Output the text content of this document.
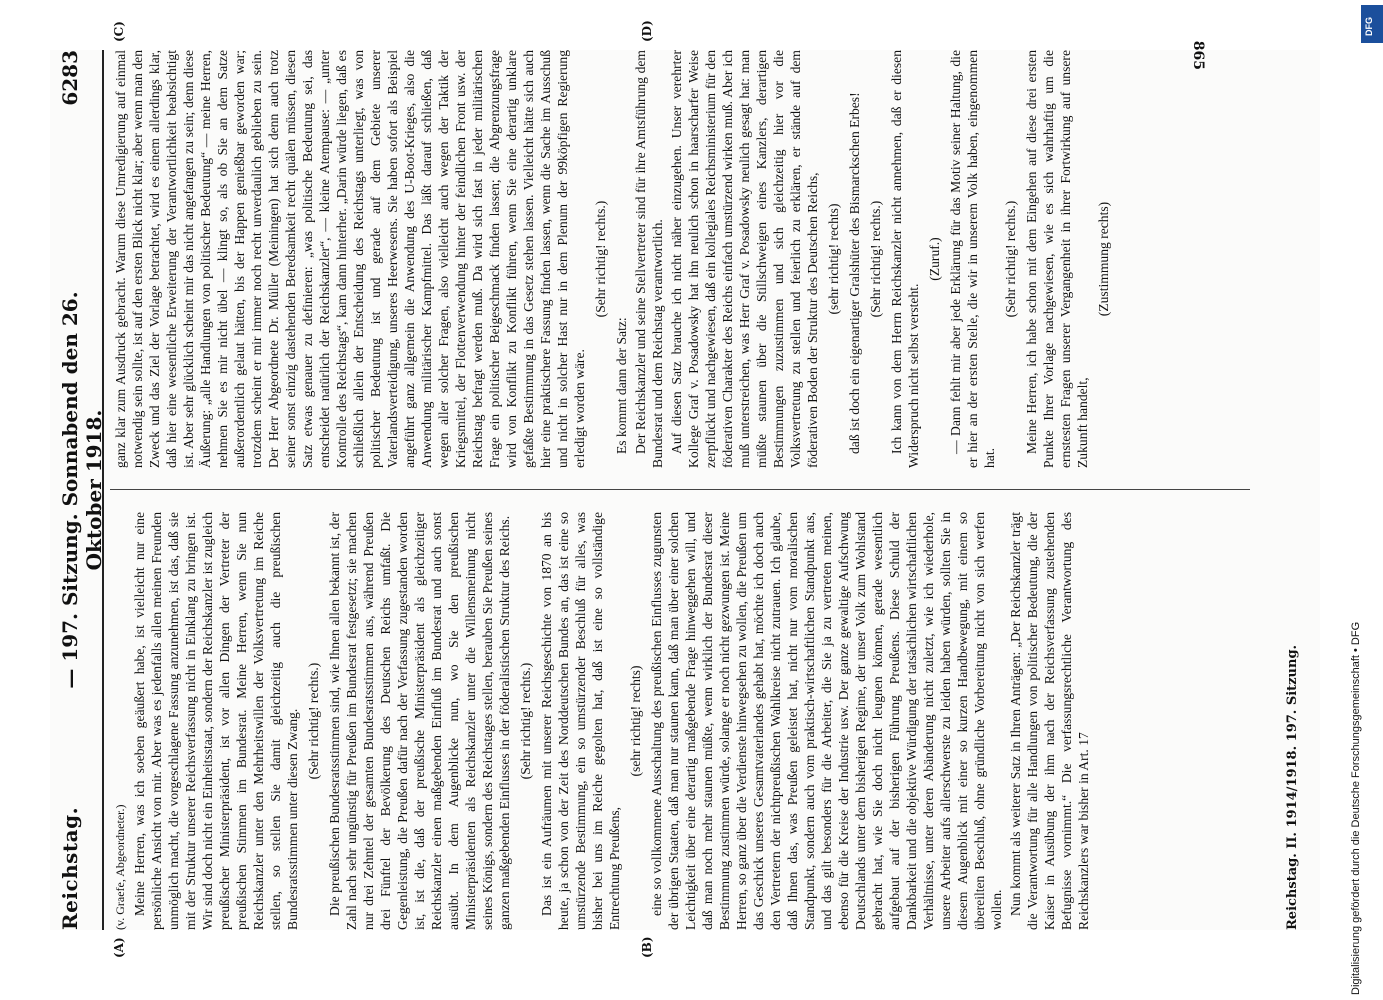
Reichstag.
— 197. Sitzung. Sonnabend den 26. Oktober 1918.
6283
(A)	(B)
(C)	(D)

(v. Graefe, Abgeordneter.) Meine Herren, was ich soeben geäußert habe, ist vielleicht nur eine persönliche Ansicht von mir. Aber was es jedenfalls allen meinen Freunden unmöglich macht, die vorgeschlagene Fassung anzunehmen, ist das, daß sie mit der Struktur unserer Reichsverfassung nicht in Einklang zu bringen ist. Wir sind doch nicht ein Einheitsstaat, sondern der Reichskanzler ist zugleich preußischer Ministerpräsident, ist vor allen Dingen der Vertreter der preußischen Stimmen im Bundesrat. Meine Herren, wenn Sie nun Reichskanzler unter den Mehrheitswillen der Volksvertretung im Reiche stellen, so stellen Sie damit gleichzeitig auch die preußischen Bundesratsstimmen unter diesen Zwang. (Sehr richtig! rechts.) Die preußischen Bundesratsstimmen sind, wie Ihnen allen bekannt ist, der Zahl nach sehr ungünstig für Preußen im Bundesrat festgesetzt; sie machen nur drei Zehntel der gesamten Bundesratsstimmen aus, während Preußen drei Fünftel der Bevölkerung des Deutschen Reichs umfaßt. Die Gegenleistung, die Preußen dafür nach der Verfassung zugestanden worden ist, ist die, daß der preußische Ministerpräsident als gleichzeitiger Reichskanzler einen maßgebenden Einfluß im Bundesrat und auch sonst ausübt. In dem Augenblicke nun, wo Sie den preußischen Ministerpräsidenten als Reichskanzler unter die Willensmeinung nicht seines Königs, sondern des Reichstages stellen, berauben Sie Preußen seines ganzen maßgebenden Einflusses in der föderalistischen Struktur des Reichs. (Sehr richtig! rechts.) Das ist ein Aufräumen mit unserer Reichsgeschichte von 1870 an bis heute, ja schon von der Zeit des Norddeutschen Bundes an, das ist eine so umstürzende Bestimmung, ein so umstürzender Beschluß für alles, was bisher bei uns im Reiche gegolten hat, daß ist eine so vollständige Entrechtung Preußens,

(sehr richtig! rechts) eine so vollkommene Ausschaltung des preußischen Einflusses zugunsten der übrigen Staaten, daß man nur staunen kann, daß man über einer solchen Leichtigkeit über eine derartig maßgebende Frage hinweggehen will, und daß man noch mehr staunen müßte, wenn wirklich der Bundesrat dieser Bestimmung zustimmen würde, solange er noch nicht gezwungen ist. Meine Herren, so ganz über die Verdienste hinwegsehen zu wollen, die Preußen um das Geschick unseres Gesamtvaterlandes gehabt hat, möchte ich doch auch den Vertretern der nichtpreußischen Wahlkreise nicht zutrauen. Ich glaube, daß Ihnen das, was Preußen geleistet hat, nicht nur vom moralischen Standpunkt, sondern auch vom praktisch-wirtschaftlichen Standpunkt aus, und das gilt besonders für die Arbeiter, die Sie ja zu vertreten meinen, ebenso für die Kreise der Industrie usw. Der ganze gewaltige Aufschwung Deutschlands unter dem bisherigen Regime, der unser Volk zum Wohlstand gebracht hat, wie Sie doch nicht leugnen können, gerade wesentlich aufgebaut auf der bisherigen Führung Preußens. Diese Schuld der Dankbarkeit und die objektive Würdigung der tatsächlichen wirtschaftlichen Verhältnisse, unter deren Abänderung nicht zuletzt, wie ich wiederhole, unsere Arbeiter aufs allerschwerste zu leiden haben würden, sollten Sie in diesem Augenblick mit einer so kurzen Handbewegung, mit einem so übereilten Beschluß, ohne gründliche Vorbereitung nicht von sich werfen wollen. Nun kommt als weiterer Satz in Ihren Anträgen: „Der Reichskanzler trägt die Verantwortung für alle Handlungen von politischer Bedeutung, die der Kaiser in Ausübung der ihm nach der Reichsverfassung zustehenden Befugnisse vornimmt.“ Die verfassungsrechtliche Verantwortung des Reichskanzlers war bisher in Art. 17

ganz klar zum Ausdruck gebracht. Warum diese Umredigierung auf einmal notwendig sein sollte, ist auf den ersten Blick nicht klar; aber wenn man den Zweck und das Ziel der Vorlage betrachtet, wird es einem allerdings klar, daß hier eine wesentliche Erweiterung der Verantwortlichkeit beabsichtigt ist. Aber sehr glücklich scheint mir das nicht angefangen zu sein; denn diese Äußerung: „alle Handlungen von politischer Bedeutung“ — meine Herren, nehmen Sie es mir nicht übel — klingt so, als ob Sie an dem Satze außerordentlich gelaut hätten, bis der Happen genießbar geworden war; trotzdem scheint er mir immer noch recht unverdaulich geblieben zu sein. Der Herr Abgeordnete Dr. Müller (Meiningen) hat sich denn auch trotz seiner sonst einzig dastehenden Beredsamkeit recht quälen müssen, diesen Satz etwas genauer zu definieren: „was politische Bedeutung sei, das entscheidet natürlich der Reichskanzler“, — kleine Atempause: — „unter Kontrolle des Reichstags“, kam dann hinterher. „Darin würde liegen, daß es schließlich allein der Entscheidung des Reichstags unterliegt, was von politischer Bedeutung ist und gerade auf dem Gebiete unserer Vaterlandsverteidigung, unseres Heerwesens. Sie haben sofort als Beispiel angeführt ganz allgemein die Anwendung des U-Boot-Krieges, also die Anwendung militärischer Kampfmittel. Das läßt darauf schließen, daß wegen aller solcher Fragen, also vielleicht auch wegen der Taktik der Kriegsmittel, der Flottenverwendung hinter der feindlichen Front usw. der Reichstag befragt werden muß. Da wird sich fast in jeder militärischen Frage ein politischer Beigeschmack finden lassen; die Abgrenzungsfrage wird von Konflikt zu Konflikt führen, wenn Sie eine derartig unklare gefaßte Bestimmung in das Gesetz stehen lassen. Vielleicht hätte sich auch hier eine praktischere Fassung finden lassen, wenn die Sache im Ausschuß und nicht in solcher Hast nur in dem Plenum der 99köpfigen Regierung erledigt worden wäre.

(Sehr richtig! rechts.)

Es kommt dann der Satz: Der Reichskanzler und seine Stellvertreter sind für ihre Amtsführung dem Bundesrat und dem Reichstag verantwortlich. Auf diesen Satz brauche ich nicht näher einzugehen. Unser verehrter Kollege Graf v. Posadowsky hat ihn neulich schon in haarscharfer Weise zerpflückt und nachgewiesen, daß ein kollegiales Reichsministerium für den föderativen Charakter des Reichs einfach umstürzend wirken muß. Aber ich muß unterstreichen, was Herr Graf v. Posadowsky neulich gesagt hat: man müßte staunen über die Stillschweigen eines Kanzlers, derartigen Bestimmungen zuzustimmen und sich gleichzeitig hier vor die Volksvertretung zu stellen und feierlich zu erklären, er stände auf dem föderativen Boden der Struktur des Deutschen Reichs, (sehr richtig! rechts) daß ist doch ein eigenartiger Gralshüter des Bismarckschen Erbes! (Sehr richtig! rechts.) Ich kann von dem Herrn Reichskanzler nicht annehmen, daß er diesen Widerspruch nicht selbst versteht.

(Zuruf.) — Dann fehlt mir aber jede Erklärung für das Motiv seiner Haltung, die er hier an der ersten Stelle, die wir in unserem Volk haben, eingenommen hat.

(Sehr richtig! rechts.) Meine Herren, ich habe schon mit dem Eingehen auf diese drei ersten Punkte Ihrer Vorlage nachgewiesen, wie es sich wahrhaftig um die ernstesten Fragen unserer Vergangenheit in ihrer Fortwirkung auf unsere Zukunft handelt,

(Zustimmung rechts)

Reichstag. II. 1914/1918. 197. Sitzung.
865
Digitalisierung gefördert durch die Deutsche Forschungsgemeinschaft • DFG
DFG
